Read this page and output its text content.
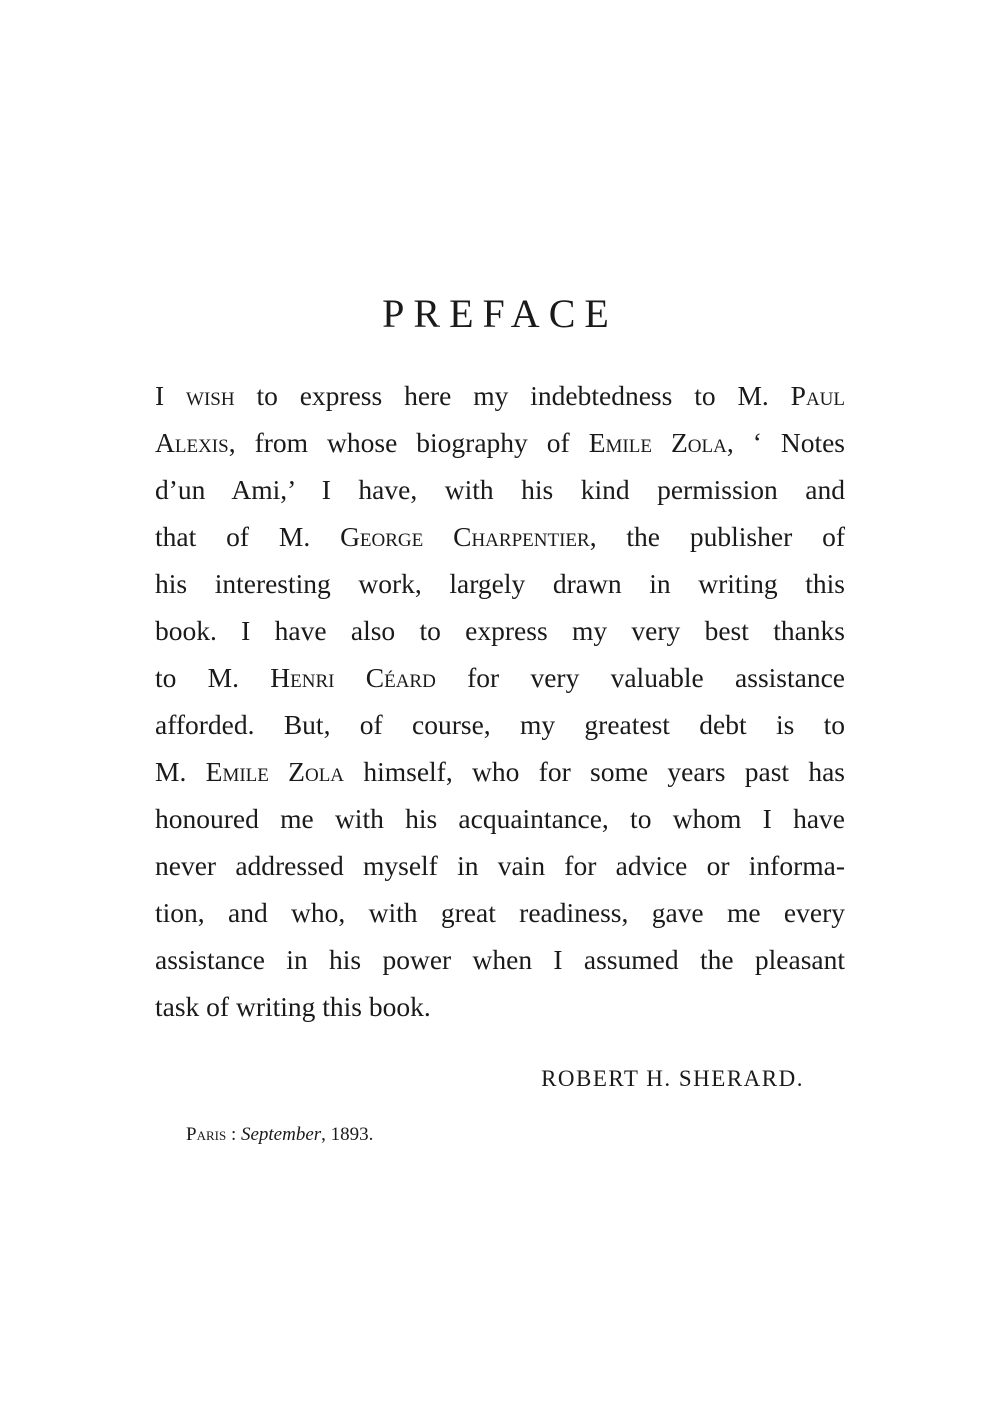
PREFACE
I wish to express here my indebtedness to M. Paul
Alexis, from whose biography of Emile Zola, ‘ Notes
d’un Ami,’ I have, with his kind permission and
that of M. George Charpentier, the publisher of
his interesting work, largely drawn in writing this
book. I have also to express my very best thanks
to M. Henri Céard for very valuable assistance
afforded. But, of course, my greatest debt is to
M. Emile Zola himself, who for some years past has
honoured me with his acquaintance, to whom I have
never addressed myself in vain for advice or informa-
tion, and who, with great readiness, gave me every
assistance in his power when I assumed the pleasant
task of writing this book.

ROBERT H. SHERARD.

Paris : September, 1893.
